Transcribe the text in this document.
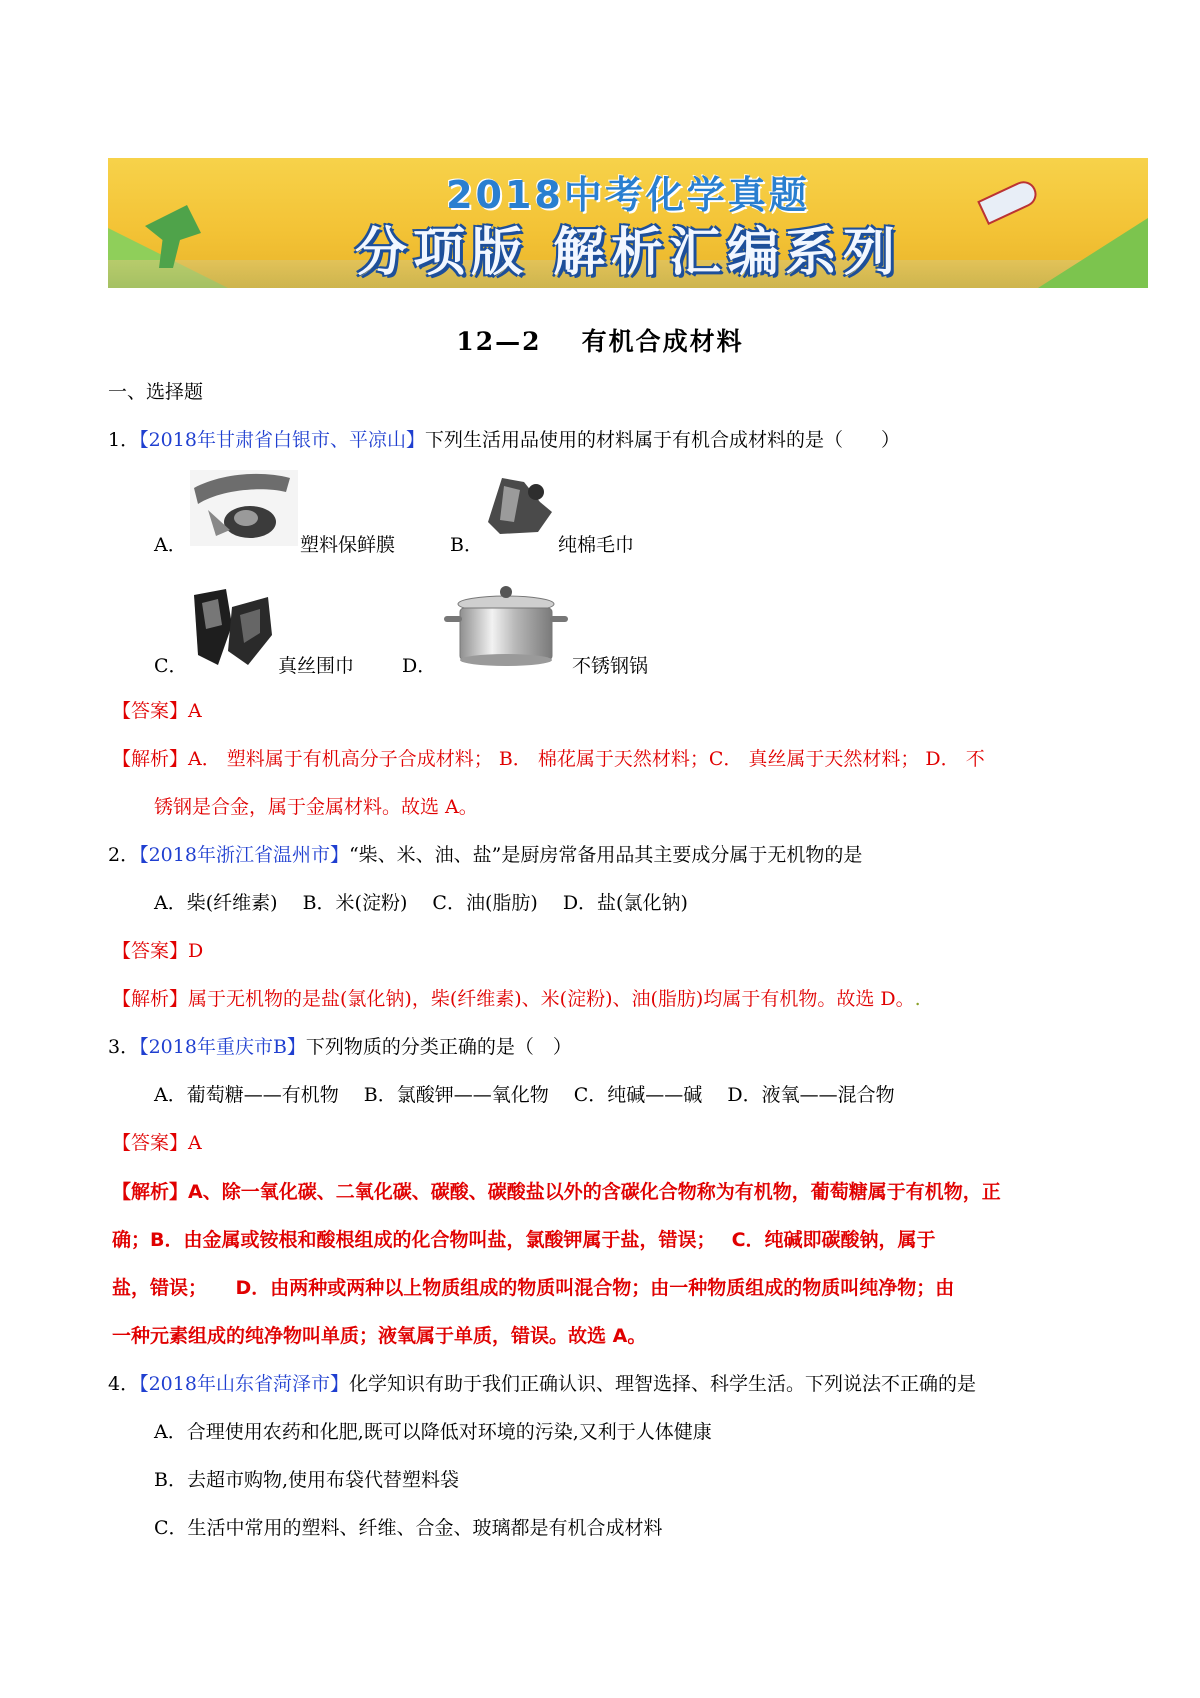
2018中考化学真题
分项版 解析汇编系列
12—2 有机合成材料
一、选择题
1．【2018年甘肃省白银市、平凉山】下列生活用品使用的材料属于有机合成材料的是（　　）
A．	塑料保鲜膜	B．	纯棉毛巾
C．	真丝围巾	D．	不锈钢锅
【答案】A
【解析】A． 塑料属于有机高分子合成材料； B． 棉花属于天然材料；C． 真丝属于天然材料； D． 不
锈钢是合金，属于金属材料。故选 A。
2．【2018年浙江省温州市】“柴、米、油、盐”是厨房常备用品其主要成分属于无机物的是
A．柴(纤维素)　 B．米(淀粉)　 C．油(脂肪)　 D．盐(氯化钠)
【答案】D
【解析】属于无机物的是盐(氯化钠)，柴(纤维素)、米(淀粉)、油(脂肪)均属于有机物。故选 D。.
3．【2018年重庆市B】下列物质的分类正确的是（　）
A．葡萄糖——有机物　 B．氯酸钾——氧化物　 C．纯碱——碱　 D．液氧——混合物
【答案】A
【解析】A、除一氧化碳、二氧化碳、碳酸、碳酸盐以外的含碳化合物称为有机物，葡萄糖属于有机物，正
确；B．由金属或铵根和酸根组成的化合物叫盐，氯酸钾属于盐，错误；　 C．纯碱即碳酸钠，属于
盐，错误；　　D．由两种或两种以上物质组成的物质叫混合物；由一种物质组成的物质叫纯净物；由
一种元素组成的纯净物叫单质；液氧属于单质，错误。故选 A。
4．【2018年山东省菏泽市】化学知识有助于我们正确认识、理智选择、科学生活。下列说法不正确的是
A．合理使用农药和化肥,既可以降低对环境的污染,又利于人体健康
B．去超市购物,使用布袋代替塑料袋
C．生活中常用的塑料、纤维、合金、玻璃都是有机合成材料
